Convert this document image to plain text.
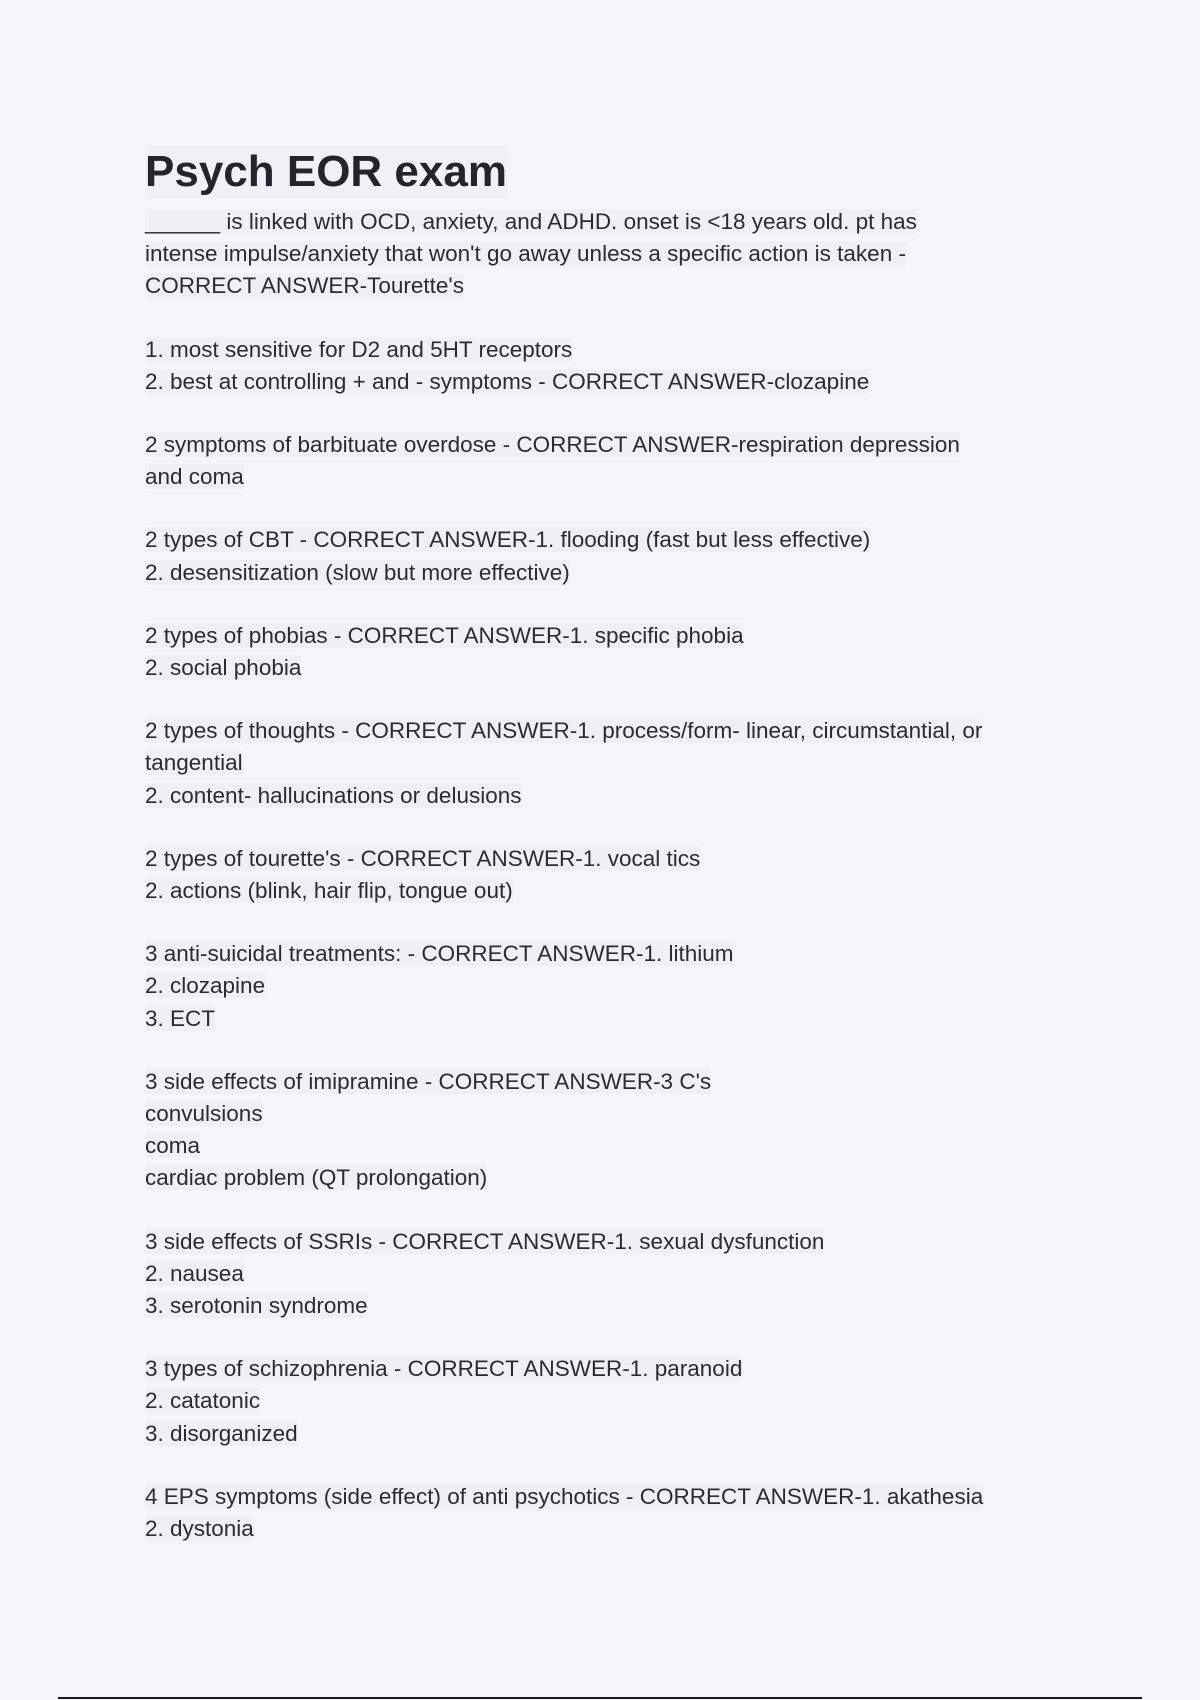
Psych EOR exam
______ is linked with OCD, anxiety, and ADHD. onset is <18 years old. pt has
intense impulse/anxiety that won't go away unless a specific action is taken -
CORRECT ANSWER-Tourette's
1. most sensitive for D2 and 5HT receptors
2. best at controlling + and - symptoms - CORRECT ANSWER-clozapine
2 symptoms of barbituate overdose - CORRECT ANSWER-respiration depression
and coma
2 types of CBT - CORRECT ANSWER-1. flooding (fast but less effective)
2. desensitization (slow but more effective)
2 types of phobias - CORRECT ANSWER-1. specific phobia
2. social phobia
2 types of thoughts - CORRECT ANSWER-1. process/form- linear, circumstantial, or
tangential
2. content- hallucinations or delusions
2 types of tourette's - CORRECT ANSWER-1. vocal tics
2. actions (blink, hair flip, tongue out)
3 anti-suicidal treatments: - CORRECT ANSWER-1. lithium
2. clozapine
3. ECT
3 side effects of imipramine - CORRECT ANSWER-3 C's
convulsions
coma
cardiac problem (QT prolongation)
3 side effects of SSRIs - CORRECT ANSWER-1. sexual dysfunction
2. nausea
3. serotonin syndrome
3 types of schizophrenia - CORRECT ANSWER-1. paranoid
2. catatonic
3. disorganized
4 EPS symptoms (side effect) of anti psychotics - CORRECT ANSWER-1. akathesia
2. dystonia
